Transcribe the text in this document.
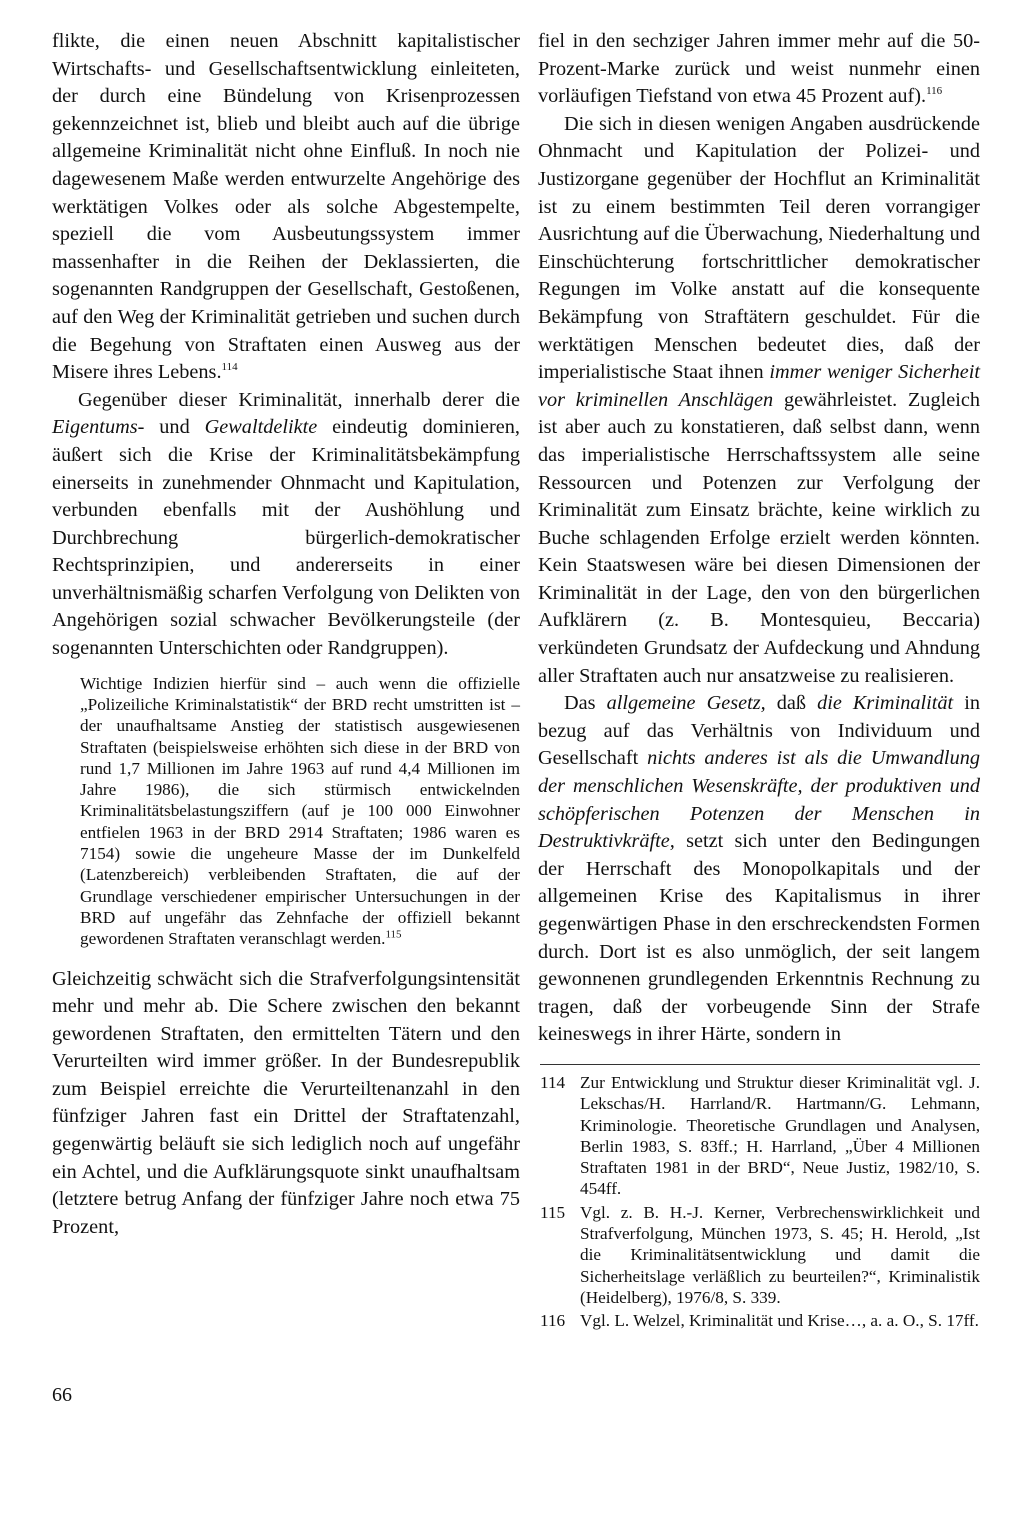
flikte, die einen neuen Abschnitt kapitalistischer Wirtschafts- und Gesellschaftsentwicklung einleiteten, der durch eine Bündelung von Krisenprozessen gekennzeichnet ist, blieb und bleibt auch auf die übrige allgemeine Kriminalität nicht ohne Einfluß. In noch nie dagewesenem Maße werden entwurzelte Angehörige des werktätigen Volkes oder als solche Abgestempelte, speziell die vom Ausbeutungssystem immer massenhafter in die Reihen der Deklassierten, die sogenannten Randgruppen der Gesellschaft, Gestoßenen, auf den Weg der Kriminalität getrieben und suchen durch die Begehung von Straftaten einen Ausweg aus der Misere ihres Lebens.$^{114}$

Gegenüber dieser Kriminalität, innerhalb derer die Eigentums- und Gewaltdelikte eindeutig dominieren, äußert sich die Krise der Kriminalitätsbekämpfung einerseits in zunehmender Ohnmacht und Kapitulation, verbunden ebenfalls mit der Aushöhlung und Durchbrechung bürgerlich-demokratischer Rechtsprinzipien, und andererseits in einer unverhältnismäßig scharfen Verfolgung von Delikten von Angehörigen sozial schwacher Bevölkerungsteile (der sogenannten Unterschichten oder Randgruppen).

Wichtige Indizien hierfür sind – auch wenn die offizielle „Polizeiliche Kriminalstatistik“ der BRD recht umstritten ist – der unaufhaltsame Anstieg der statistisch ausgewiesenen Straftaten (beispielsweise erhöhten sich diese in der BRD von rund 1,7 Millionen im Jahre 1963 auf rund 4,4 Millionen im Jahre 1986), die sich stürmisch entwickelnden Kriminalitätsbelastungsziffern (auf je 100 000 Einwohner entfielen 1963 in der BRD 2914 Straftaten; 1986 waren es 7154) sowie die ungeheure Masse der im Dunkelfeld (Latenzbereich) verbleibenden Straftaten, die auf der Grundlage verschiedener empirischer Untersuchungen in der BRD auf ungefähr das Zehnfache der offiziell bekannt gewordenen Straftaten veranschlagt werden.$^{115}$

Gleichzeitig schwächt sich die Strafverfolgungsintensität mehr und mehr ab. Die Schere zwischen den bekannt gewordenen Straftaten, den ermittelten Tätern und den Verurteilten wird immer größer. In der Bundesrepublik zum Beispiel erreichte die Verurteiltenanzahl in den fünfziger Jahren fast ein Drittel der Straftatenzahl, gegenwärtig beläuft sie sich lediglich noch auf ungefähr ein Achtel, und die Aufklärungsquote sinkt unaufhaltsam (letztere betrug Anfang der fünfziger Jahre noch etwa 75 Prozent,

fiel in den sechziger Jahren immer mehr auf die 50-Prozent-Marke zurück und weist nunmehr einen vorläufigen Tiefstand von etwa 45 Prozent auf).$^{116}$

Die sich in diesen wenigen Angaben ausdrückende Ohnmacht und Kapitulation der Polizei- und Justizorgane gegenüber der Hochflut an Kriminalität ist zu einem bestimmten Teil deren vorrangiger Ausrichtung auf die Überwachung, Niederhaltung und Einschüchterung fortschrittlicher demokratischer Regungen im Volke anstatt auf die konsequente Bekämpfung von Straftätern geschuldet. Für die werktätigen Menschen bedeutet dies, daß der imperialistische Staat ihnen immer weniger Sicherheit vor kriminellen Anschlägen gewährleistet. Zugleich ist aber auch zu konstatieren, daß selbst dann, wenn das imperialistische Herrschaftssystem alle seine Ressourcen und Potenzen zur Verfolgung der Kriminalität zum Einsatz brächte, keine wirklich zu Buche schlagenden Erfolge erzielt werden könnten. Kein Staatswesen wäre bei diesen Dimensionen der Kriminalität in der Lage, den von den bürgerlichen Aufklärern (z. B. Montesquieu, Beccaria) verkündeten Grundsatz der Aufdeckung und Ahndung aller Straftaten auch nur ansatzweise zu realisieren.

Das allgemeine Gesetz, daß die Kriminalität in bezug auf das Verhältnis von Individuum und Gesellschaft nichts anderes ist als die Umwandlung der menschlichen Wesenskräfte, der produktiven und schöpferischen Potenzen der Menschen in Destruktivkräfte, setzt sich unter den Bedingungen der Herrschaft des Monopolkapitals und der allgemeinen Krise des Kapitalismus in ihrer gegenwärtigen Phase in den erschreckendsten Formen durch. Dort ist es also unmöglich, der seit langem gewonnenen grundlegenden Erkenntnis Rechnung zu tragen, daß der vorbeugende Sinn der Strafe keineswegs in ihrer Härte, sondern in

114 Zur Entwicklung und Struktur dieser Kriminalität vgl. J. Lekschas/H. Harrland/R. Hartmann/G. Lehmann, Kriminologie. Theoretische Grundlagen und Analysen, Berlin 1983, S. 83ff.; H. Harrland, „Über 4 Millionen Straftaten 1981 in der BRD“, Neue Justiz, 1982/10, S. 454ff.
115 Vgl. z. B. H.-J. Kerner, Verbrechenswirklichkeit und Strafverfolgung, München 1973, S. 45; H. Herold, „Ist die Kriminalitätsentwicklung und damit die Sicherheitslage verläßlich zu beurteilen?“, Kriminalistik (Heidelberg), 1976/8, S. 339.
116 Vgl. L. Welzel, Kriminalität und Krise…, a. a. O., S. 17ff.
66
